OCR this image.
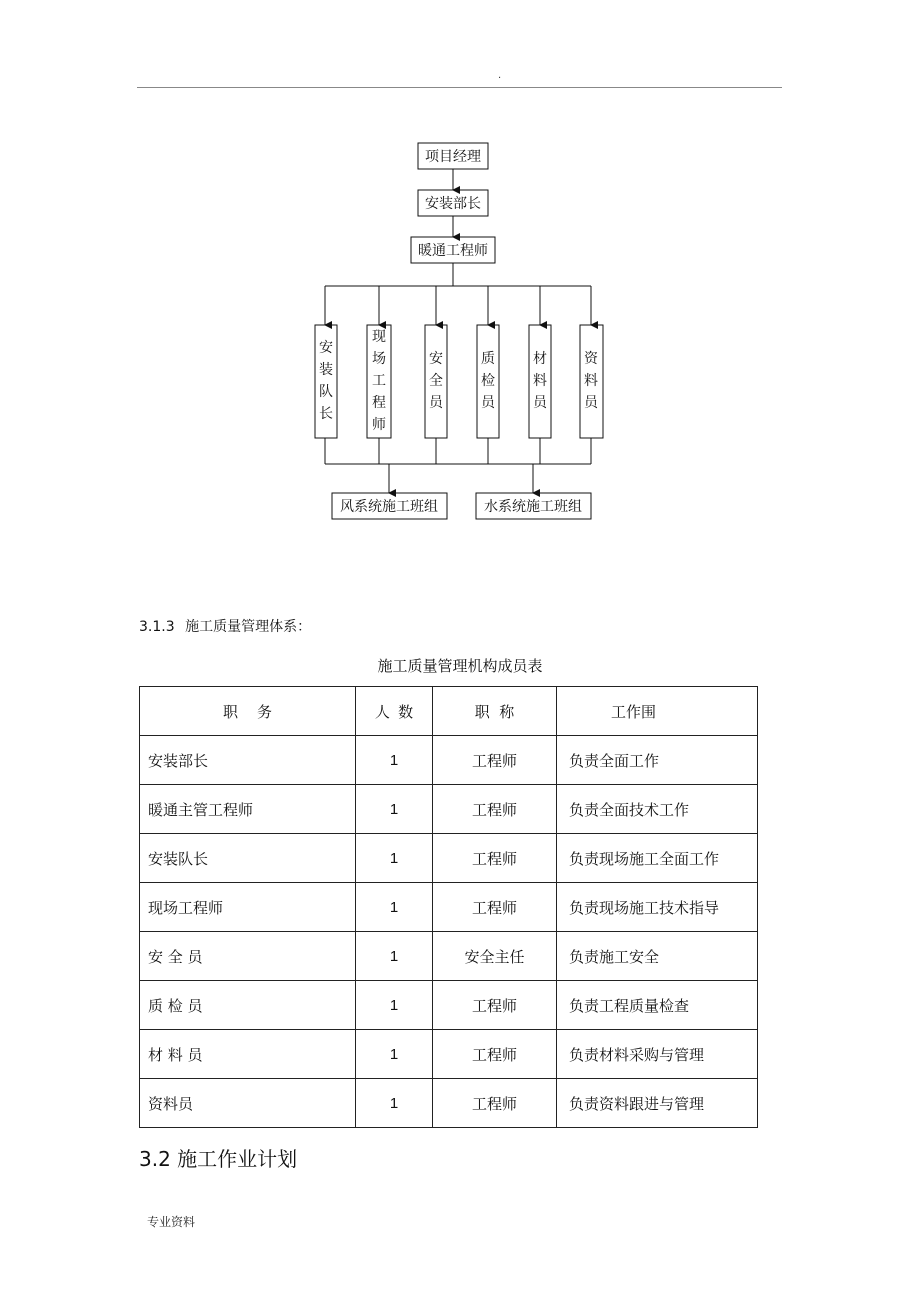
.
项目经理
安装部长
暖通工程师
风系统施工班组	水系统施工班组
安
装
队
长
现
场
工
程
师
安
全
员
质
检
员
材
料
员
资
料
员
3.1.3 施工质量管理体系：
施工质量管理机构成员表
职    务	人  数	职  称	工作围
安装部长	1	工程师	负责全面工作
暖通主管工程师	1	工程师	负责全面技术工作
安装队长	1	工程师	负责现场施工全面工作
现场工程师	1	工程师	负责现场施工技术指导
安 全 员	1	安全主任	负责施工安全
质 检 员	1	工程师	负责工程质量检查
材 料 员	1	工程师	负责材料采购与管理
资料员	1	工程师	负责资料跟进与管理
3.2 施工作业计划
专业资料
